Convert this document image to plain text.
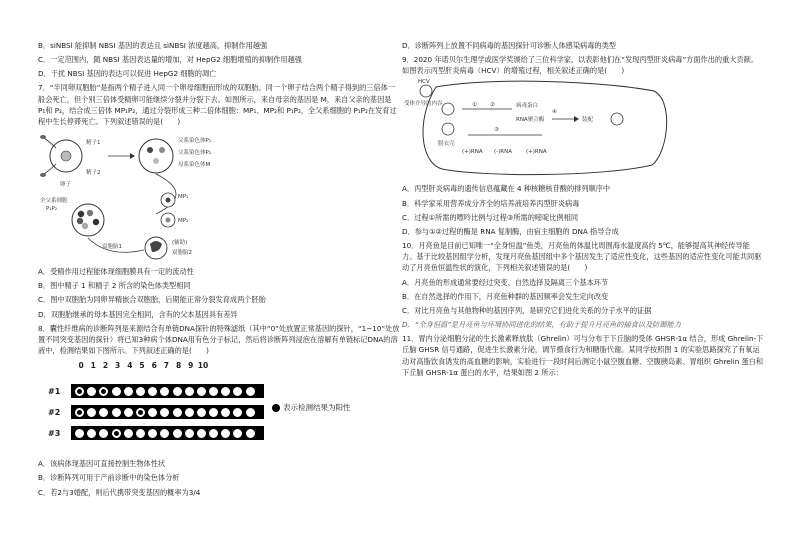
B．siNBSl 能抑制 NBSI 基因的表达且 siNBSI 浓度越高，抑制作用越强

C．一定范围内，随 NBSI 基因表达量的增加，对 HepG2 细胞增殖的抑制作用越强

D．干扰 NBSI 基因的表达可以促进 HepG2 细胞的凋亡

7．“半同卵双胞胎”是指两个精子进入同一个卵母细胞而形成的双胞胎。同一个卵子结合两个精子得到的三倍体一般会死亡，但个别三倍体受精卵可能继续分裂并分裂下去。如图所示，来自母亲的基因是 M，来自父亲的基因是 P₁和 P₂，结合成三倍体 MP₁P₂，通过分裂形成三种二倍体细胞：MP₁、MP₂和 P₁P₂，全父系细胞的 P₁P₂在发育过程中生长停滞死亡。下列叙述错误的是(　　)

精子1
精子2
卵子
父系染色体P₁
父系染色体P₂
母系染色体M
MP₁
MP₂
全父系细胞
P₁P₂
双胞胎1
(辅助)
双胞胎2

A．受精作用过程能体现细胞膜具有一定的流动性

B．图中精子 1 和精子 2 所含的染色体类型相同

C．图中双胞胎为同卵异精嵌合双胞胎，后期能正常分裂发育成两个胚胎

D．双胞胎继承的母本基因完全相同，含有的父本基因具有差异

8．囊性纤维病的诊断阵列是来源结合有单链DNA探针的特殊滤纸（其中“0”处放置正常基因的探针，“1~10”处放置不同突变基因的探针）将已知3种病个体DNA用有色分子标记，然后将诊断阵列浸泡在溶解有单链标记DNA的溶液中，检测结果如下图所示。下列叙述正确的是(　　)

0 1 2 3 4 5 6 7 8 9 10
#1
#2
#3
表示检测结果为阳性

A．该病体现基因可直接控制生物体性状

B．诊断阵列可用于产前诊断中的染色体分析

C．若2与3婚配，则后代携带突变基因的概率为3/4

D．诊断阵列上放置不同病毒的基因探针可诊断人体感染病毒的类型

9．2020 年诺贝尔生理学或医学奖颁给了三位科学家，以表彰他们在“发现丙型肝炎病毒”方面作出的重大贡献。如图表示丙型肝炎病毒（HCV）的增殖过程，相关叙述正确的是(　　)

HCV
受体介导的内吞
脱衣壳
① ②	病毒蛋白
RNA聚合酶
③
(+)RNA (-)RNA	(+)RNA
装配
④

A．丙型肝炎病毒的遗传信息蕴藏在 4 种核糖核苷酸的排列顺序中

B．科学家采用营养成分齐全的培养液培养丙型肝炎病毒

C．过程①所需的嘌呤比例与过程③所需的嘧啶比例相同

D．参与①②过程的酶是 RNA 复制酶，由宿主细胞的 DNA 指导合成

10．月亮鱼是目前已知唯一“全身恒温”鱼类，月亮鱼的体温比周围海水温度高约 5℃，能够提高其神经传导能力。基于比较基因组学分析，发现月亮鱼基因组中多个基因发生了适应性变化，这些基因的适应性变化可能共同驱动了月亮鱼恒温性状的演化，下列相关叙述错误的是(　　)

A．月亮鱼的形成通常要经过突变、自然选择及隔离三个基本环节

B．在自然选择的作用下，月亮鱼种群的基因频率会发生定向改变

C．对比月亮鱼与其他物种的基因序列，是研究它们进化关系的分子水平的证据

D．“全身恒温”是月亮鱼与环境协同进化的结果，有助于提升月亮鱼的捕食以及防御能力

11．胃内分泌细胞分泌的生长激素释放肽（Ghrelin）可与分布于下丘脑的受体 GHSR-1α 结合，形成 Ghrelin-下丘脑 GHSR 信号通路，促进生长激素分泌，调节摄食行为和糖脂代谢。某同学按照图 1 的实验思路探究了有氧运动对高脂饮食诱发的高血糖的影响，实验进行一段时间后测定小鼠空腹血糖、空腹胰岛素、胃组织 Ghrelin 蛋白和下丘脑 GHSR-1α 蛋白的水平，结果如图 2 所示：
